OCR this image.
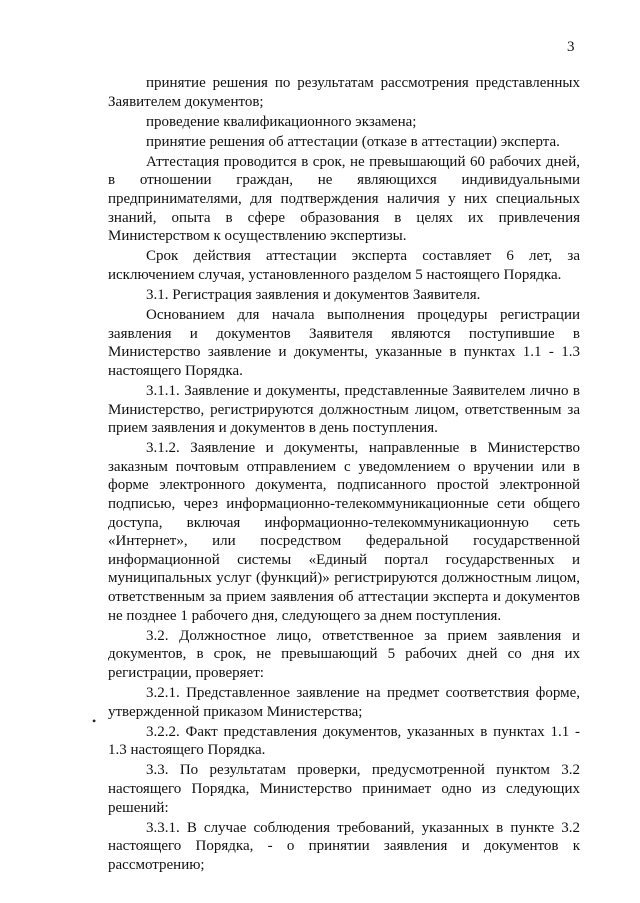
3

принятие решения по результатам рассмотрения представленных Заявителем документов;

проведение квалификационного экзамена;

принятие решения об аттестации (отказе в аттестации) эксперта.

Аттестация проводится в срок, не превышающий 60 рабочих дней, в отношении граждан, не являющихся индивидуальными предпринимателями, для подтверждения наличия у них специальных знаний, опыта в сфере образования в целях их привлечения Министерством к осуществлению экспертизы.

Срок действия аттестации эксперта составляет 6 лет, за исключением случая, установленного разделом 5 настоящего Порядка.

3.1. Регистрация заявления и документов Заявителя.

Основанием для начала выполнения процедуры регистрации заявления и документов Заявителя являются поступившие в Министерство заявление и документы, указанные в пунктах 1.1 - 1.3 настоящего Порядка.

3.1.1. Заявление и документы, представленные Заявителем лично в Министерство, регистрируются должностным лицом, ответственным за прием заявления и документов в день поступления.

3.1.2. Заявление и документы, направленные в Министерство заказным почтовым отправлением с уведомлением о вручении или в форме электронного документа, подписанного простой электронной подписью, через информационно-телекоммуникационные сети общего доступа, включая информационно-телекоммуникационную сеть «Интернет», или посредством федеральной государственной информационной системы «Единый портал государственных и муниципальных услуг (функций)» регистрируются должностным лицом, ответственным за прием заявления об аттестации эксперта и документов не позднее 1 рабочего дня, следующего за днем поступления.

3.2. Должностное лицо, ответственное за прием заявления и документов, в срок, не превышающий 5 рабочих дней со дня их регистрации, проверяет:

3.2.1. Представленное заявление на предмет соответствия форме, утвержденной приказом Министерства;

3.2.2. Факт представления документов, указанных в пунктах 1.1 - 1.3 настоящего Порядка.

3.3. По результатам проверки, предусмотренной пунктом 3.2 настоящего Порядка, Министерство принимает одно из следующих решений:

3.3.1. В случае соблюдения требований, указанных в пункте 3.2 настоящего Порядка, - о принятии заявления и документов к рассмотрению;

•
